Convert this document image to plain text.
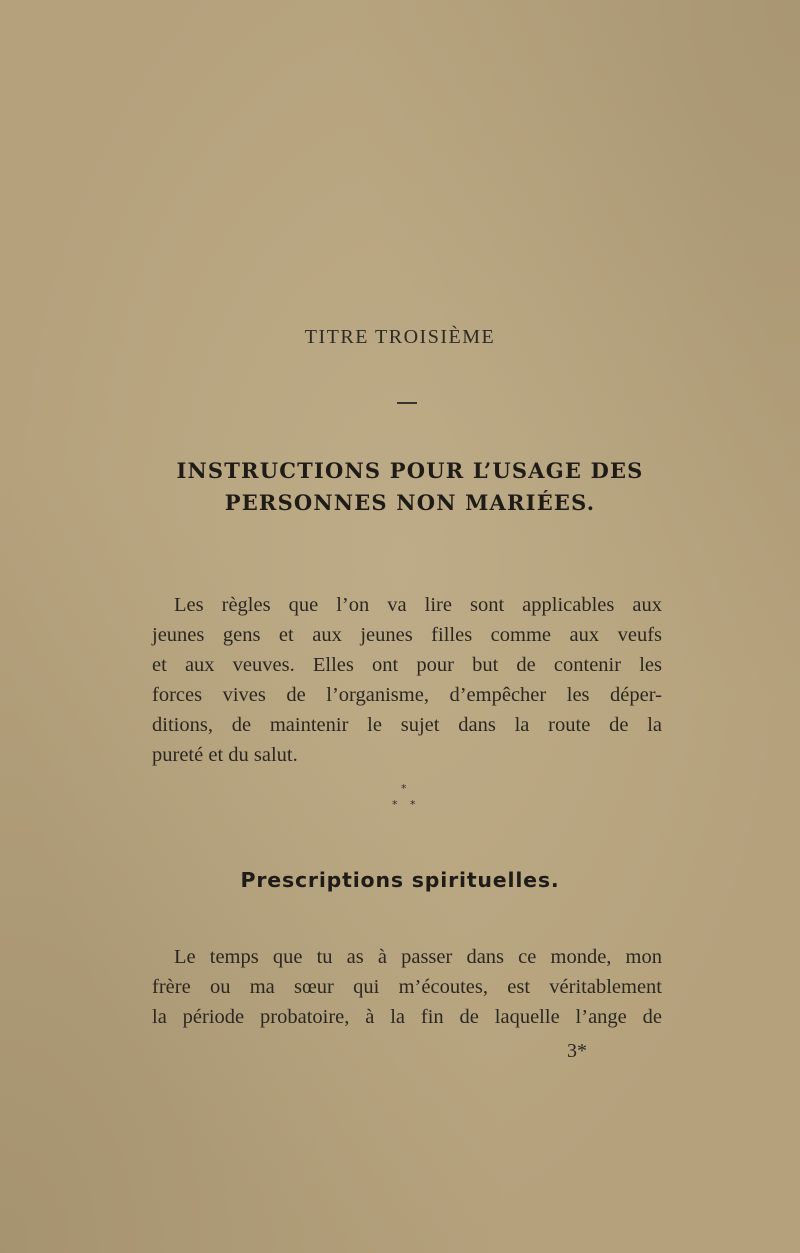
TITRE TROISIÈME
INSTRUCTIONS POUR L’USAGE DES
PERSONNES NON MARIÉES.
Les règles que l’on va lire sont applicables aux
jeunes gens et aux jeunes filles comme aux veufs
et aux veuves. Elles ont pour but de contenir les
forces vives de l’organisme, d’empêcher les déper-
ditions, de maintenir le sujet dans la route de la
pureté et du salut.
*
* *
Prescriptions spirituelles.
Le temps que tu as à passer dans ce monde, mon
frère ou ma sœur qui m’écoutes, est véritablement
la période probatoire, à la fin de laquelle l’ange de
3*
